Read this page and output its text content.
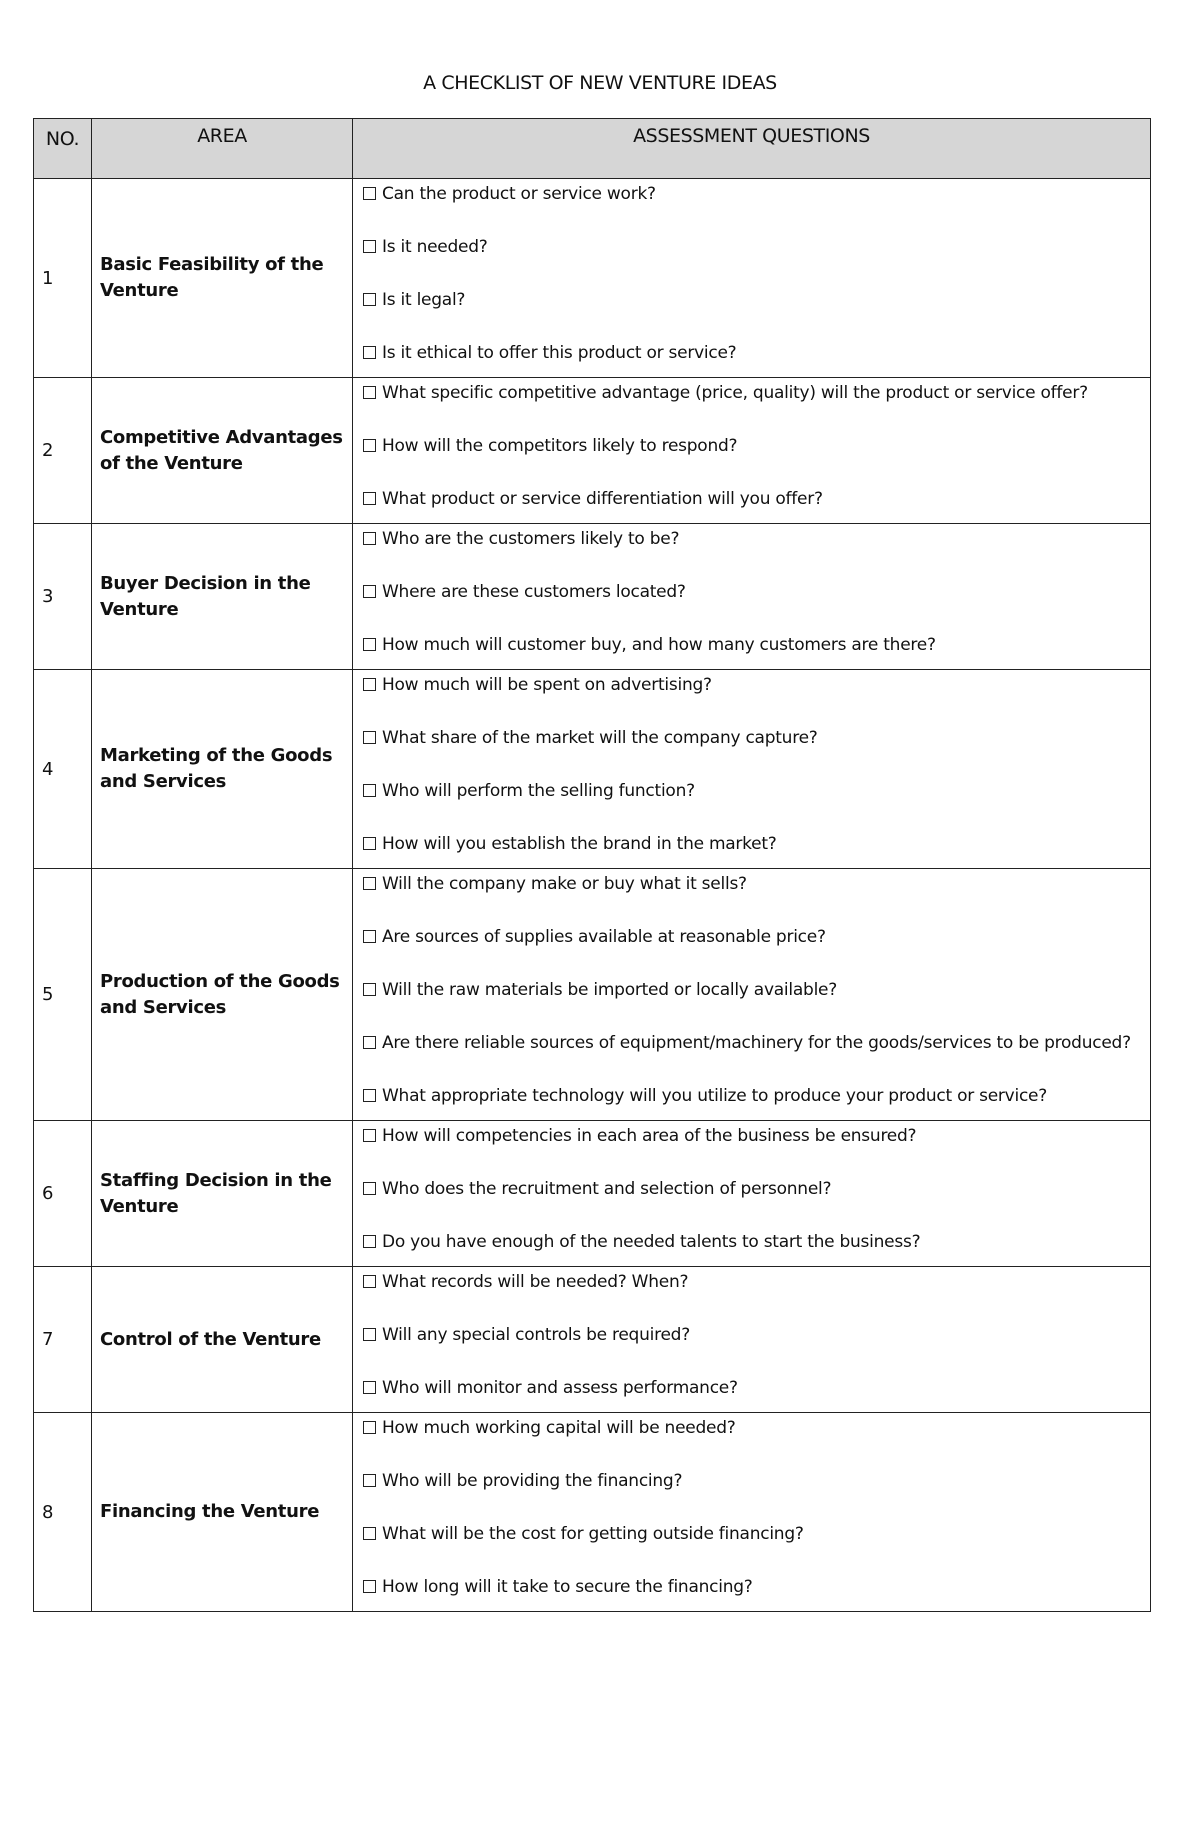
A CHECKLIST OF NEW VENTURE IDEAS
NO.	AREA	ASSESSMENT QUESTIONS
1	Basic Feasibility of the Venture	Can the product or service work?
Is it needed?
Is it legal?
Is it ethical to offer this product or service?

2	Competitive Advantages of the Venture	What specific competitive advantage (price, quality) will the product or service offer?
How will the competitors likely to respond?
What product or service differentiation will you offer?

3	Buyer Decision in the Venture	Who are the customers likely to be?
Where are these customers located?
How much will customer buy, and how many customers are there?

4	Marketing of the Goods and Services	How much will be spent on advertising?
What share of the market will the company capture?
Who will perform the selling function?
How will you establish the brand in the market?

5	Production of the Goods and Services	Will the company make or buy what it sells?
Are sources of supplies available at reasonable price?
Will the raw materials be imported or locally available?
Are there reliable sources of equipment/machinery for the goods/services to be produced?
What appropriate technology will you utilize to produce your product or service?

6	Staffing Decision in the Venture	How will competencies in each area of the business be ensured?
Who does the recruitment and selection of personnel?
Do you have enough of the needed talents to start the business?

7	Control of the Venture	What records will be needed? When?
Will any special controls be required?
Who will monitor and assess performance?

8	Financing the Venture	How much working capital will be needed?
Who will be providing the financing?
What will be the cost for getting outside financing?
How long will it take to secure the financing?
